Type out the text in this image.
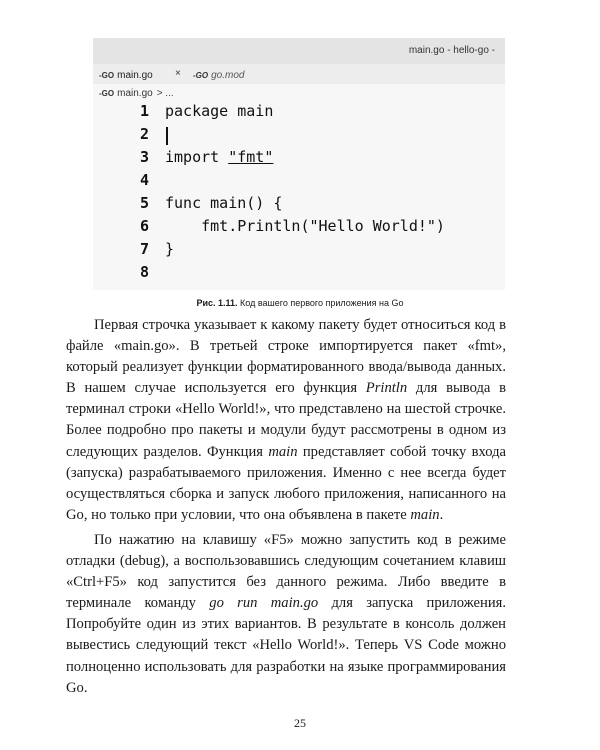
main.go - hello-go -
-GO main.go × -GO go.mod
-GO main.go > ...
1 package main
2
3 import "fmt"
4
5 func main() {
6 fmt.Println("Hello World!")
7 }
8
Рис. 1.11. Код вашего первого приложения на Go
Первая строчка указывает к какому пакету будет относиться код в файле «main.go». В третьей строке импортируется пакет «fmt», который реализует функции форматированного ввода/вывода данных. В нашем случае используется его функция Println для вывода в терминал строки «Hello World!», что представлено на шестой строчке. Более подробно про пакеты и модули будут рассмотрены в одном из следующих разделов. Функция main представляет собой точку входа (запуска) разрабатываемого приложения. Именно с нее всегда будет осуществляться сборка и запуск любого приложения, написанного на Go, но только при условии, что она объявлена в пакете main.
По нажатию на клавишу «F5» можно запустить код в режиме отладки (debug), а воспользовавшись следующим сочетанием клавиш «Ctrl+F5» код запустится без данного режима. Либо введите в терминале команду go run main.go для запуска приложения. Попробуйте один из этих вариантов. В результате в консоль должен вывестись следующий текст «Hello World!». Теперь VS Code можно полноценно использовать для разработки на языке программирования Go.
25
